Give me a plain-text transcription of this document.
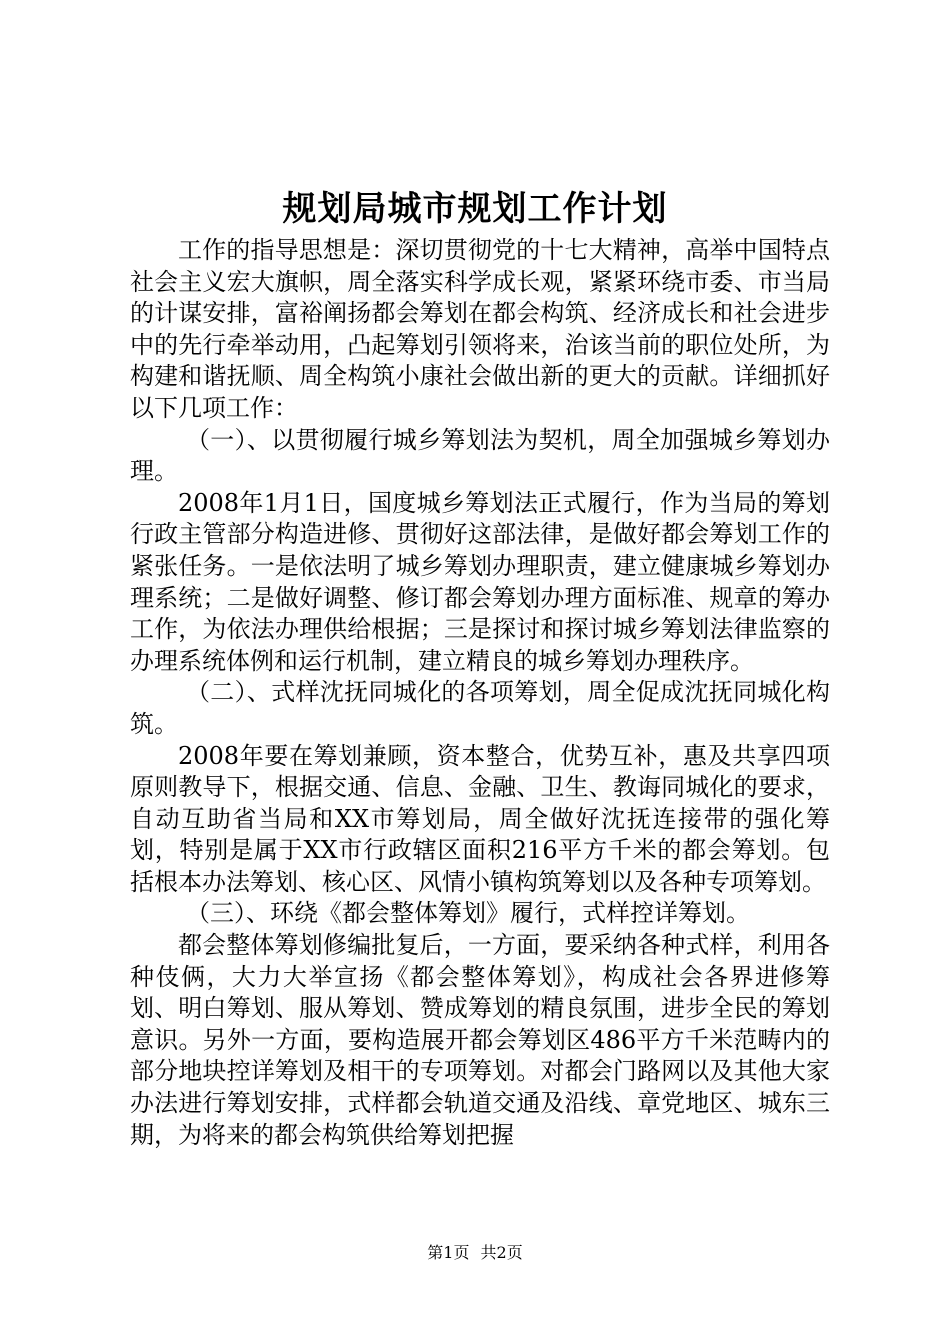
规划局城市规划工作计划

工作的指导思想是：深切贯彻党的十七大精神，高举中国特点社会主义宏大旗帜，周全落实科学成长观，紧紧环绕市委、市当局的计谋安排，富裕阐扬都会筹划在都会构筑、经济成长和社会进步中的先行牵举动用，凸起筹划引领将来，治该当前的职位处所，为构建和谐抚顺、周全构筑小康社会做出新的更大的贡献。详细抓好以下几项工作：

（一）、以贯彻履行城乡筹划法为契机，周全加强城乡筹划办理。

2008年1月1日，国度城乡筹划法正式履行，作为当局的筹划行政主管部分构造进修、贯彻好这部法律，是做好都会筹划工作的紧张任务。一是依法明了城乡筹划办理职责，建立健康城乡筹划办理系统；二是做好调整、修订都会筹划办理方面标准、规章的筹办工作，为依法办理供给根据；三是探讨和探讨城乡筹划法律监察的办理系统体例和运行机制，建立精良的城乡筹划办理秩序。

（二）、式样沈抚同城化的各项筹划，周全促成沈抚同城化构筑。

2008年要在筹划兼顾，资本整合，优势互补，惠及共享四项原则教导下，根据交通、信息、金融、卫生、教诲同城化的要求，自动互助省当局和XX市筹划局，周全做好沈抚连接带的强化筹划，特别是属于XX市行政辖区面积216平方千米的都会筹划。包括根本办法筹划、核心区、风情小镇构筑筹划以及各种专项筹划。

（三）、环绕《都会整体筹划》履行，式样控详筹划。

都会整体筹划修编批复后，一方面，要采纳各种式样，利用各种伎俩，大力大举宣扬《都会整体筹划》，构成社会各界进修筹划、明白筹划、服从筹划、赞成筹划的精良氛围，进步全民的筹划意识。另外一方面，要构造展开都会筹划区486平方千米范畴内的部分地块控详筹划及相干的专项筹划。对都会门路网以及其他大家办法进行筹划安排，式样都会轨道交通及沿线、章党地区、城东三期，为将来的都会构筑供给筹划把握

第1页 共2页
